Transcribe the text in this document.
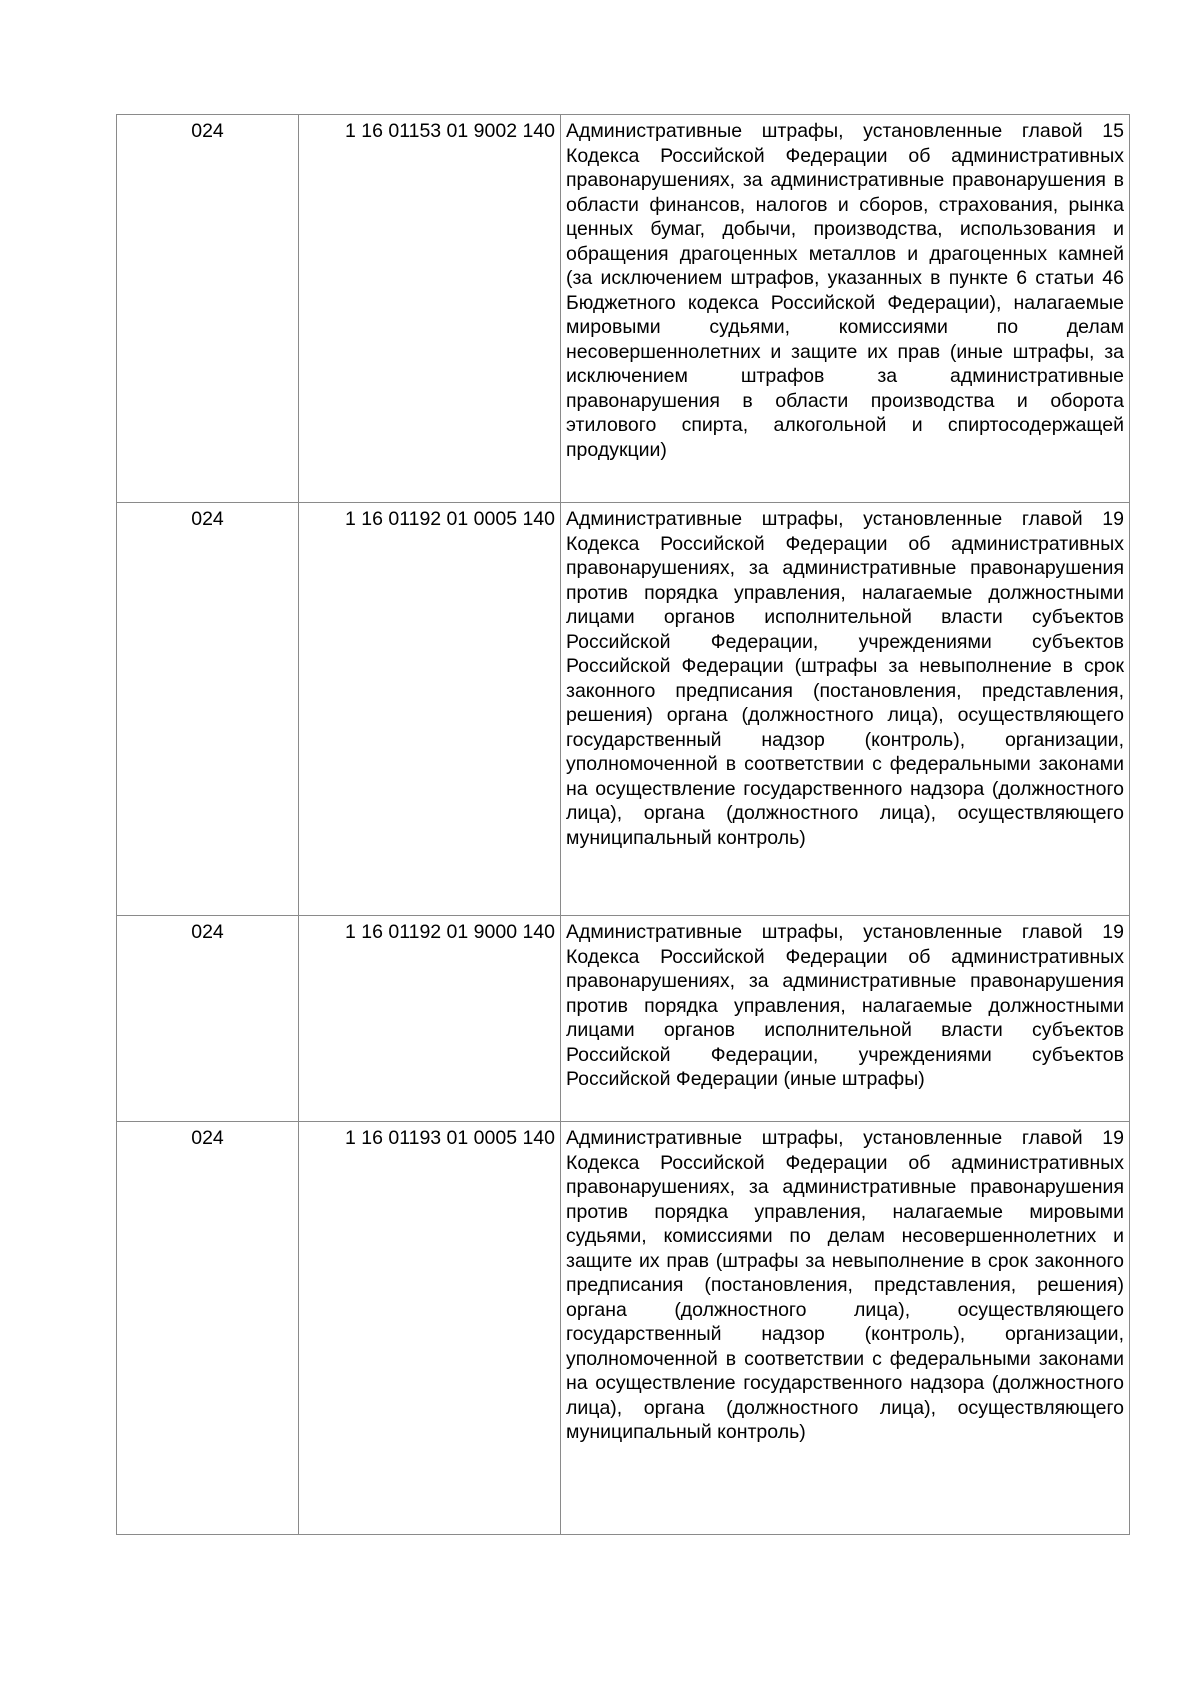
024	1 16 01153 01 9002 140	Административные штрафы, установленные главой 15 Кодекса Российской Федерации об административных правонарушениях, за административные правонарушения в области финансов, налогов и сборов, страхования, рынка ценных бумаг, добычи, производства, использования и обращения драгоценных металлов и драгоценных камней (за исключением штрафов, указанных в пункте 6 статьи 46 Бюджетного кодекса Российской Федерации), налагаемые мировыми судьями, комиссиями по делам несовершеннолетних и защите их прав (иные штрафы, за исключением штрафов за административные правонарушения в области производства и оборота этилового спирта, алкогольной и спиртосодержащей продукции)
024	1 16 01192 01 0005 140	Административные штрафы, установленные главой 19 Кодекса Российской Федерации об административных правонарушениях, за административные правонарушения против порядка управления, налагаемые должностными лицами органов исполнительной власти субъектов Российской Федерации, учреждениями субъектов Российской Федерации (штрафы за невыполнение в срок законного предписания (постановления, представления, решения) органа (должностного лица), осуществляющего государственный надзор (контроль), организации, уполномоченной в соответствии с федеральными законами на осуществление государственного надзора (должностного лица), органа (должностного лица), осуществляющего муниципальный контроль)
024	1 16 01192 01 9000 140	Административные штрафы, установленные главой 19 Кодекса Российской Федерации об административных правонарушениях, за административные правонарушения против порядка управления, налагаемые должностными лицами органов исполнительной власти субъектов Российской Федерации, учреждениями субъектов Российской Федерации (иные штрафы)
024	1 16 01193 01 0005 140	Административные штрафы, установленные главой 19 Кодекса Российской Федерации об административных правонарушениях, за административные правонарушения против порядка управления, налагаемые мировыми судьями, комиссиями по делам несовершеннолетних и защите их прав (штрафы за невыполнение в срок законного предписания (постановления, представления, решения) органа (должностного лица), осуществляющего государственный надзор (контроль), организации, уполномоченной в соответствии с федеральными законами на осуществление государственного надзора (должностного лица), органа (должностного лица), осуществляющего муниципальный контроль)
